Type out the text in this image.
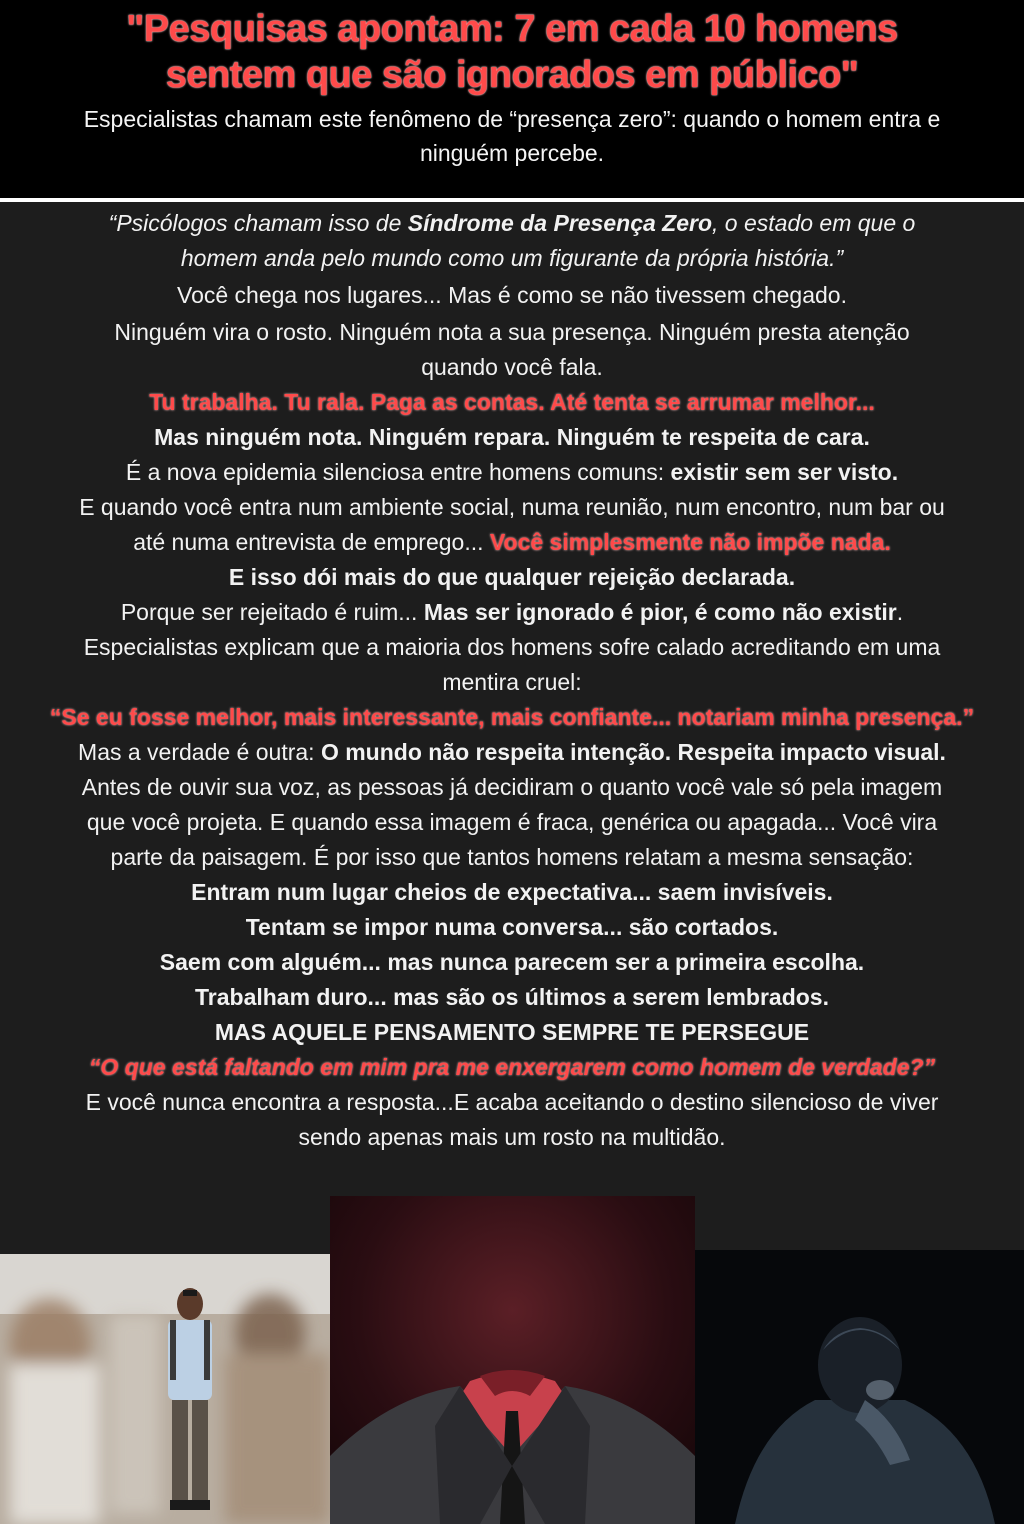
"Pesquisas apontam: 7 em cada 10 homens
sentem que são ignorados em público"

Especialistas chamam este fenômeno de “presença zero”: quando o homem entra e
ninguém percebe.

“Psicólogos chamam isso de Síndrome da Presença Zero, o estado em que o
homem anda pelo mundo como um figurante da própria história.”

Você chega nos lugares... Mas é como se não tivessem chegado.

Ninguém vira o rosto. Ninguém nota a sua presença. Ninguém presta atenção
quando você fala.

Tu trabalha. Tu rala. Paga as contas. Até tenta se arrumar melhor...

Mas ninguém nota. Ninguém repara. Ninguém te respeita de cara.

É a nova epidemia silenciosa entre homens comuns: existir sem ser visto.

E quando você entra num ambiente social, numa reunião, num encontro, num bar ou
até numa entrevista de emprego... Você simplesmente não impõe nada.

E isso dói mais do que qualquer rejeição declarada.

Porque ser rejeitado é ruim... Mas ser ignorado é pior, é como não existir.

Especialistas explicam que a maioria dos homens sofre calado acreditando em uma
mentira cruel:

“Se eu fosse melhor, mais interessante, mais confiante... notariam minha presença.”

Mas a verdade é outra: O mundo não respeita intenção. Respeita impacto visual.

Antes de ouvir sua voz, as pessoas já decidiram o quanto você vale só pela imagem
que você projeta. E quando essa imagem é fraca, genérica ou apagada... Você vira
parte da paisagem. É por isso que tantos homens relatam a mesma sensação:

Entram num lugar cheios de expectativa... saem invisíveis.

Tentam se impor numa conversa... são cortados.

Saem com alguém... mas nunca parecem ser a primeira escolha.

Trabalham duro... mas são os últimos a serem lembrados.

MAS AQUELE PENSAMENTO SEMPRE TE PERSEGUE

“O que está faltando em mim pra me enxergarem como homem de verdade?”

E você nunca encontra a resposta...E acaba aceitando o destino silencioso de viver
sendo apenas mais um rosto na multidão.
